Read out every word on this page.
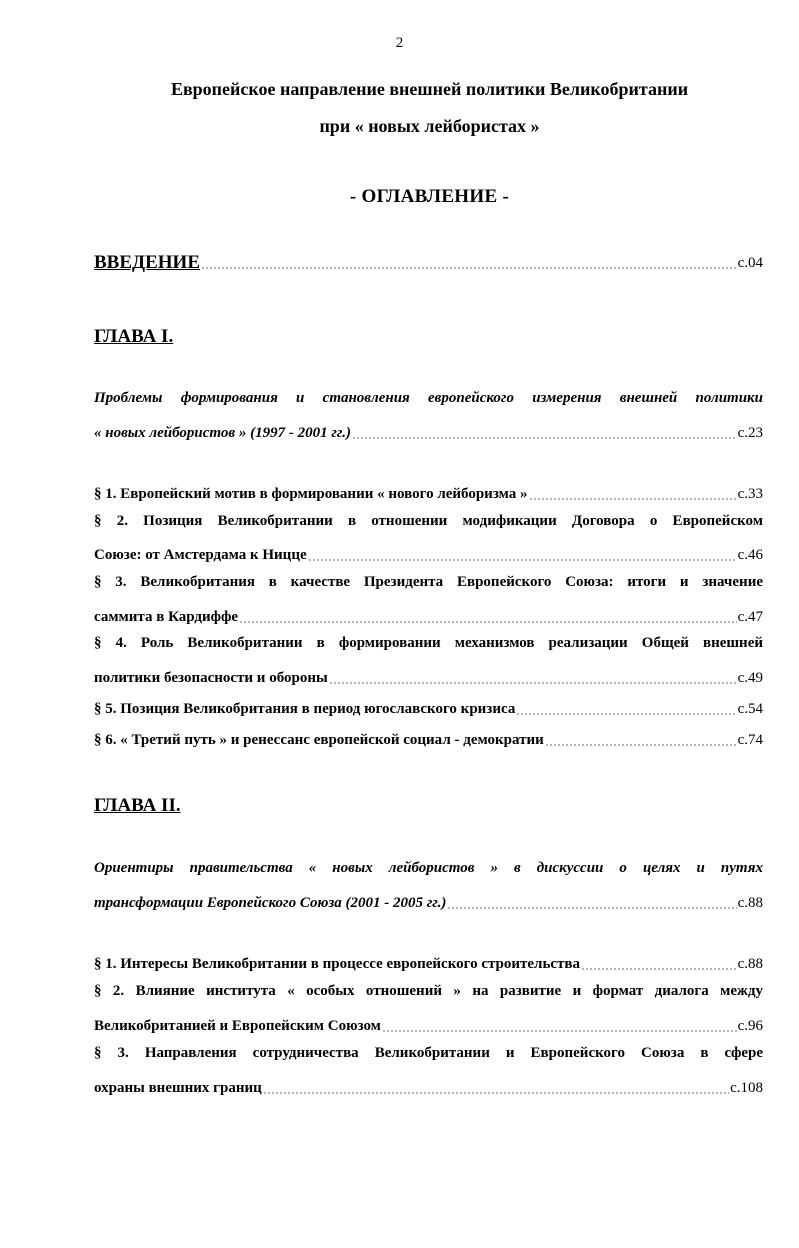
2
Европейское направление внешней политики Великобритании
при « новых лейбористах »
- ОГЛАВЛЕНИЕ -
ВВЕДЕНИЕ	с.04
ГЛАВА I.
Проблемы формирования и становления европейского измерения внешней политики
« новых лейбористов » (1997 - 2001 гг.)	с.23
§ 1. Европейский мотив в формировании « нового лейборизма »	с.33
§ 2. Позиция Великобритании в отношении модификации Договора о Европейском
Союзе: от Амстердама к Ницце	с.46
§ 3. Великобритания в качестве Президента Европейского Союза: итоги и значение
саммита в Кардиффе	с.47
§ 4. Роль Великобритании в формировании механизмов реализации Общей внешней
политики безопасности и обороны	с.49
§ 5. Позиция Великобритания в период югославского кризиса	с.54
§ 6. « Третий путь » и ренессанс европейской социал - демократии	с.74
ГЛАВА II.
Ориентиры правительства « новых лейбористов » в дискуссии о целях и путях
трансформации Европейского Союза (2001 - 2005 гг.)	с.88
§ 1. Интересы Великобритании в процессе европейского строительства	с.88
§ 2. Влияние института « особых отношений » на развитие и формат диалога между
Великобританией и Европейским Союзом	с.96
§ 3. Направления сотрудничества Великобритании и Европейского Союза в сфере
охраны внешних границ	с.108
